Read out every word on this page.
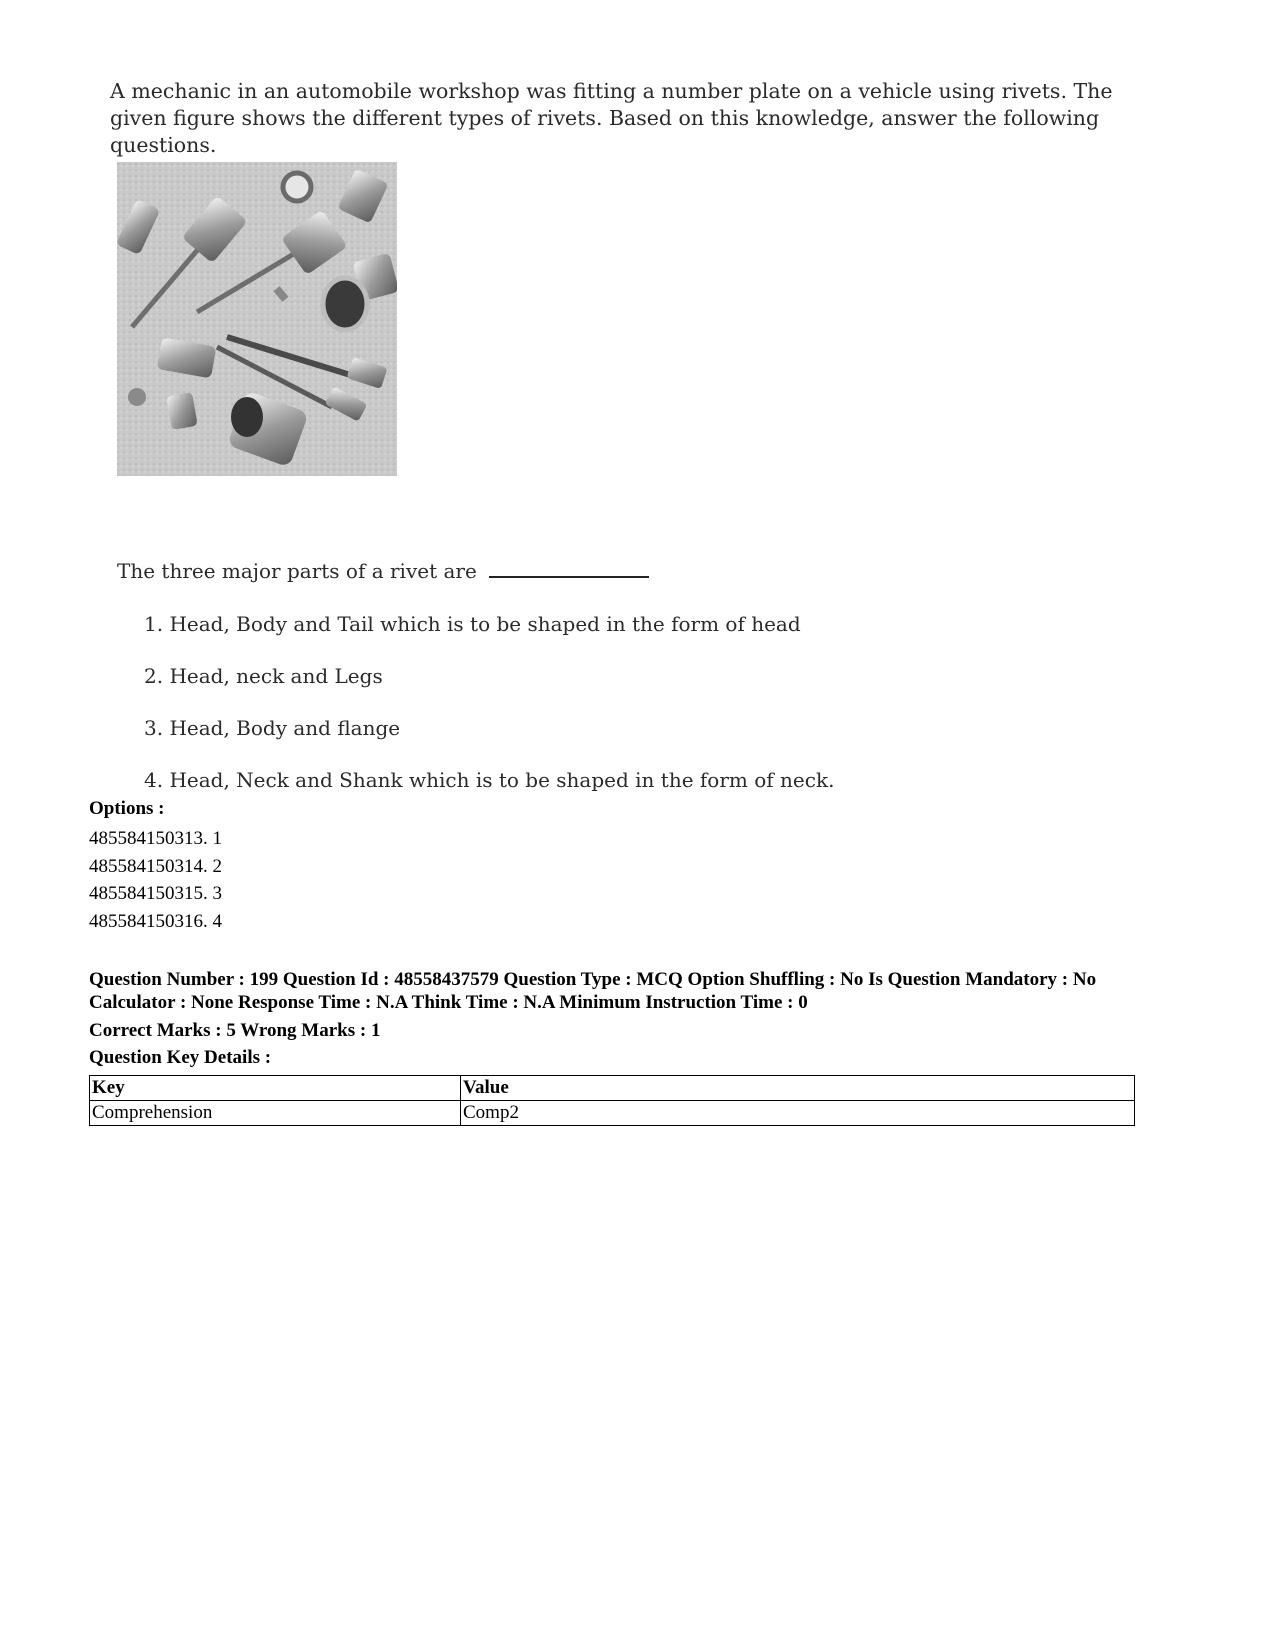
A mechanic in an automobile workshop was fitting a number plate on a vehicle using rivets. The given figure shows the different types of rivets. Based on this knowledge, answer the following questions.

The three major parts of a rivet are

1. Head, Body and Tail which is to be shaped in the form of head
2. Head, neck and Legs
3. Head, Body and flange
4. Head, Neck and Shank which is to be shaped in the form of neck.
Options :
485584150313. 1
485584150314. 2
485584150315. 3
485584150316. 4

Question Number : 199 Question Id : 48558437579 Question Type : MCQ Option Shuffling : No Is Question Mandatory : No Calculator : None Response Time : N.A Think Time : N.A Minimum Instruction Time : 0

Correct Marks : 5 Wrong Marks : 1

Question Key Details :

Key	Value
Comprehension	Comp2
